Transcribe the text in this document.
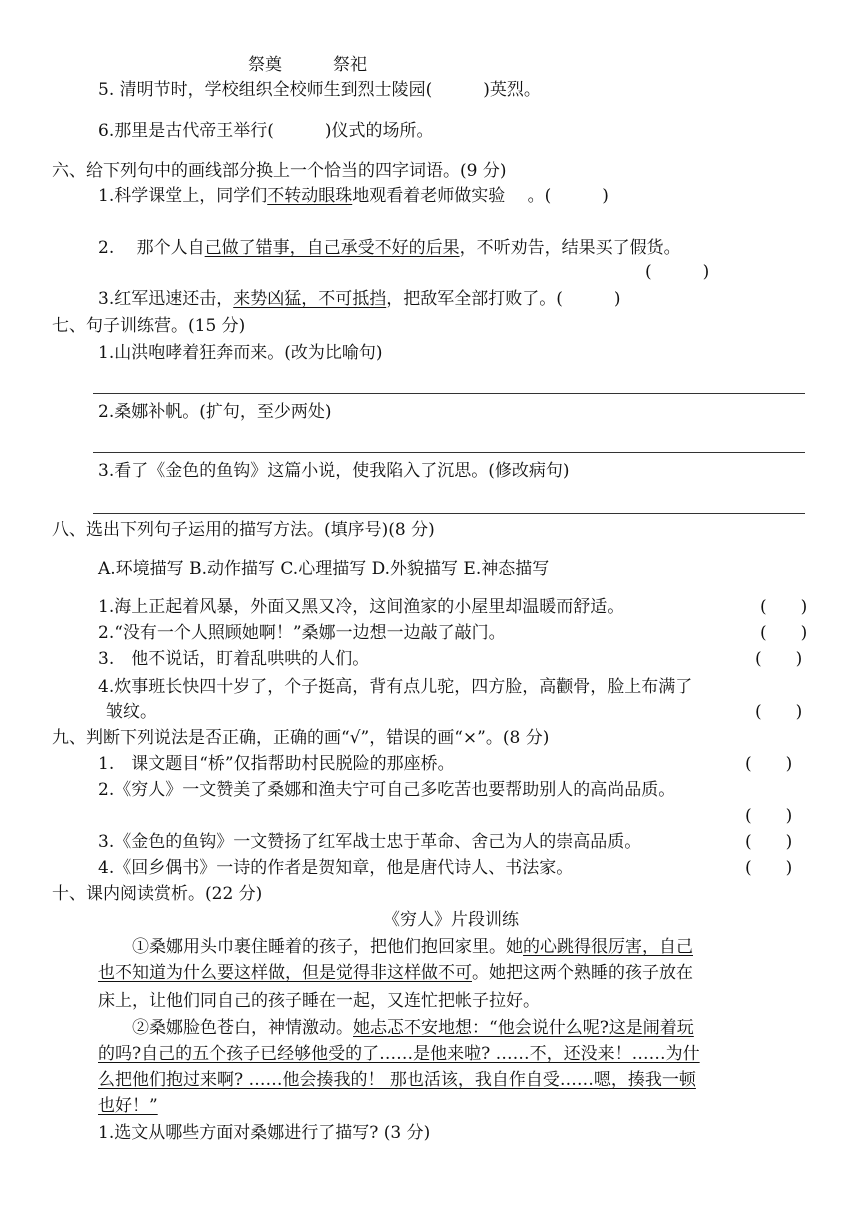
祭奠　　　祭祀
5. 清明节时，学校组织全校师生到烈士陵园(　　　)英烈。
6.那里是古代帝王举行(　　　)仪式的场所。
六、给下列句中的画线部分换上一个恰当的四字词语。(9 分)
1.科学课堂上，同学们不转动眼珠地观看着老师做实验　 。(　　　)
2.　 那个人自己做了错事，自己承受不好的后果，不听劝告，结果买了假货。
(　　　)
3.红军迅速还击，来势凶猛，不可抵挡，把敌军全部打败了。(　　　)
七、句子训练营。(15 分)
1.山洪咆哮着狂奔而来。(改为比喻句)
2.桑娜补帆。(扩句，至少两处)
3.看了《金色的鱼钩》这篇小说，使我陷入了沉思。(修改病句)
八、选出下列句子运用的描写方法。(填序号)(8 分)
A.环境描写 B.动作描写 C.心理描写 D.外貌描写 E.神态描写
1.海上正起着风暴，外面又黑又冷，这间渔家的小屋里却温暖而舒适。	(　　)
2.“没有一个人照顾她啊！”桑娜一边想一边敲了敲门。	(　　)
3.　他不说话，盯着乱哄哄的人们。	(　　)
4.炊事班长快四十岁了，个子挺高，背有点儿驼，四方脸，高颧骨，脸上布满了
皱纹。	(　　)
九、判断下列说法是否正确，正确的画“√”，错误的画“×”。(8 分)
1.　课文题目“桥”仅指帮助村民脱险的那座桥。	(　　)
2.《穷人》一文赞美了桑娜和渔夫宁可自己多吃苦也要帮助别人的高尚品质。
(　　)
3.《金色的鱼钩》一文赞扬了红军战士忠于革命、舍己为人的崇高品质。	(　　)
4.《回乡偶书》一诗的作者是贺知章，他是唐代诗人、书法家。	(　　)
十、课内阅读赏析。(22 分)
《穷人》片段训练
①桑娜用头巾裹住睡着的孩子，把他们抱回家里。她的心跳得很厉害，自己
也不知道为什么要这样做，但是觉得非这样做不可。她把这两个熟睡的孩子放在
床上，让他们同自己的孩子睡在一起，又连忙把帐子拉好。
②桑娜脸色苍白，神情激动。她忐忑不安地想：“他会说什么呢?这是闹着玩
的吗?自己的五个孩子已经够他受的了……是他来啦? ……不，还没来！……为什
么把他们抱过来啊? ……他会揍我的！ 那也活该，我自作自受……嗯，揍我一顿
也好！”
1.选文从哪些方面对桑娜进行了描写? (3 分)
